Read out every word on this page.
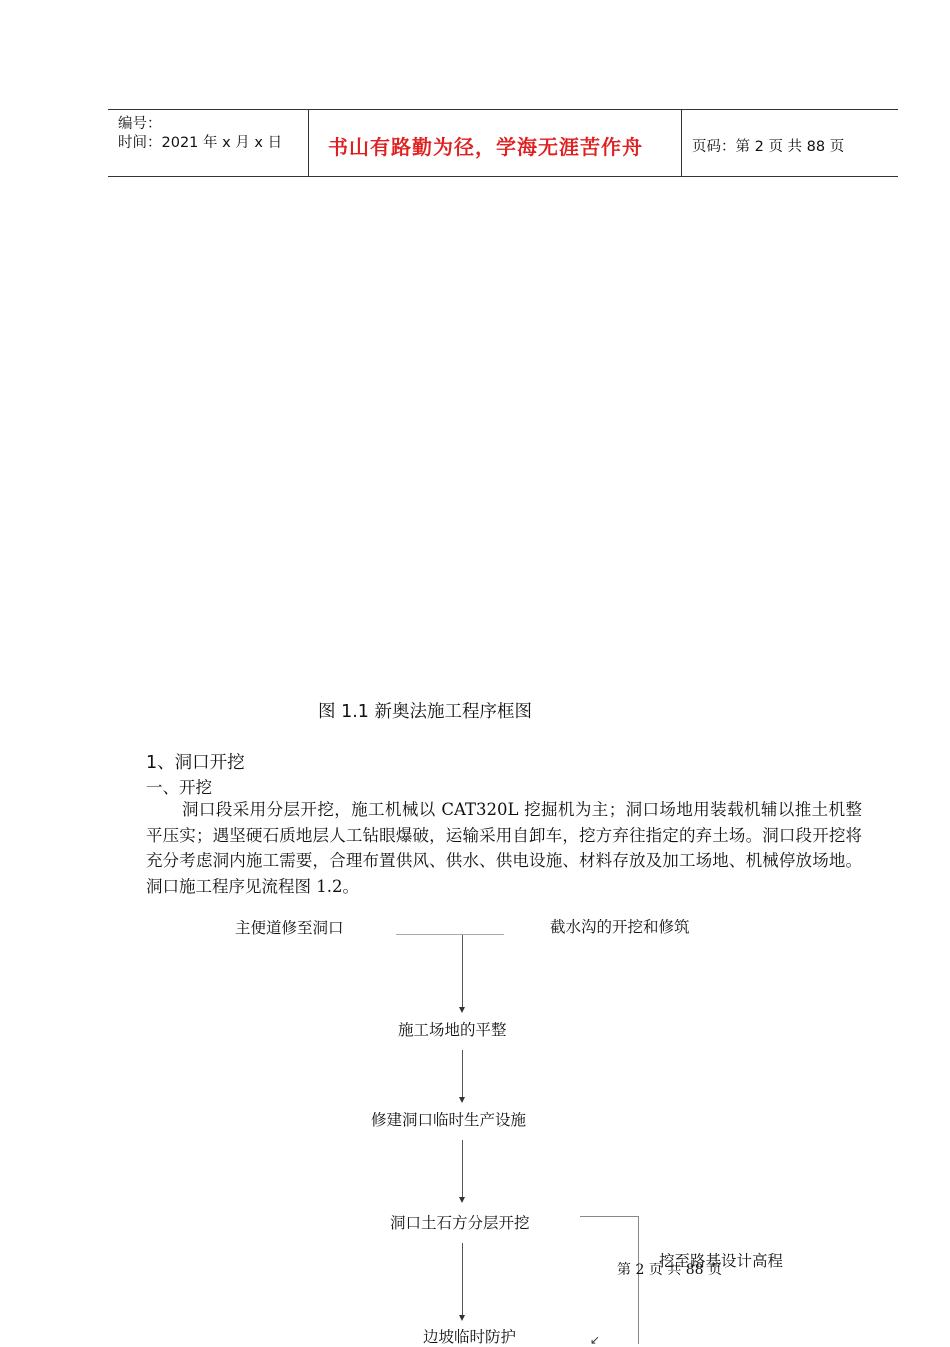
编号：
时间：2021 年 x 月 x 日 书山有路勤为径，学海无涯苦作舟	页码：第 2 页 共 88 页
图 1.1 新奥法施工程序框图
1、洞口开挖
一、开挖
洞口段采用分层开挖，施工机械以 CAT320L 挖掘机为主；洞口场地用装载机辅以推土机整平压实；遇坚硬石质地层人工钻眼爆破，运输采用自卸车，挖方弃往指定的弃土场。洞口段开挖将充分考虑洞内施工需要，合理布置供风、供水、供电设施、材料存放及加工场地、机械停放场地。洞口施工程序见流程图 1.2。
主便道修至洞口	截水沟的开挖和修筑
施工场地的平整
修建洞口临时生产设施
洞口土石方分层开挖
挖至路基设计高程
边坡临时防护	↙
第 2 页 共 88 页
